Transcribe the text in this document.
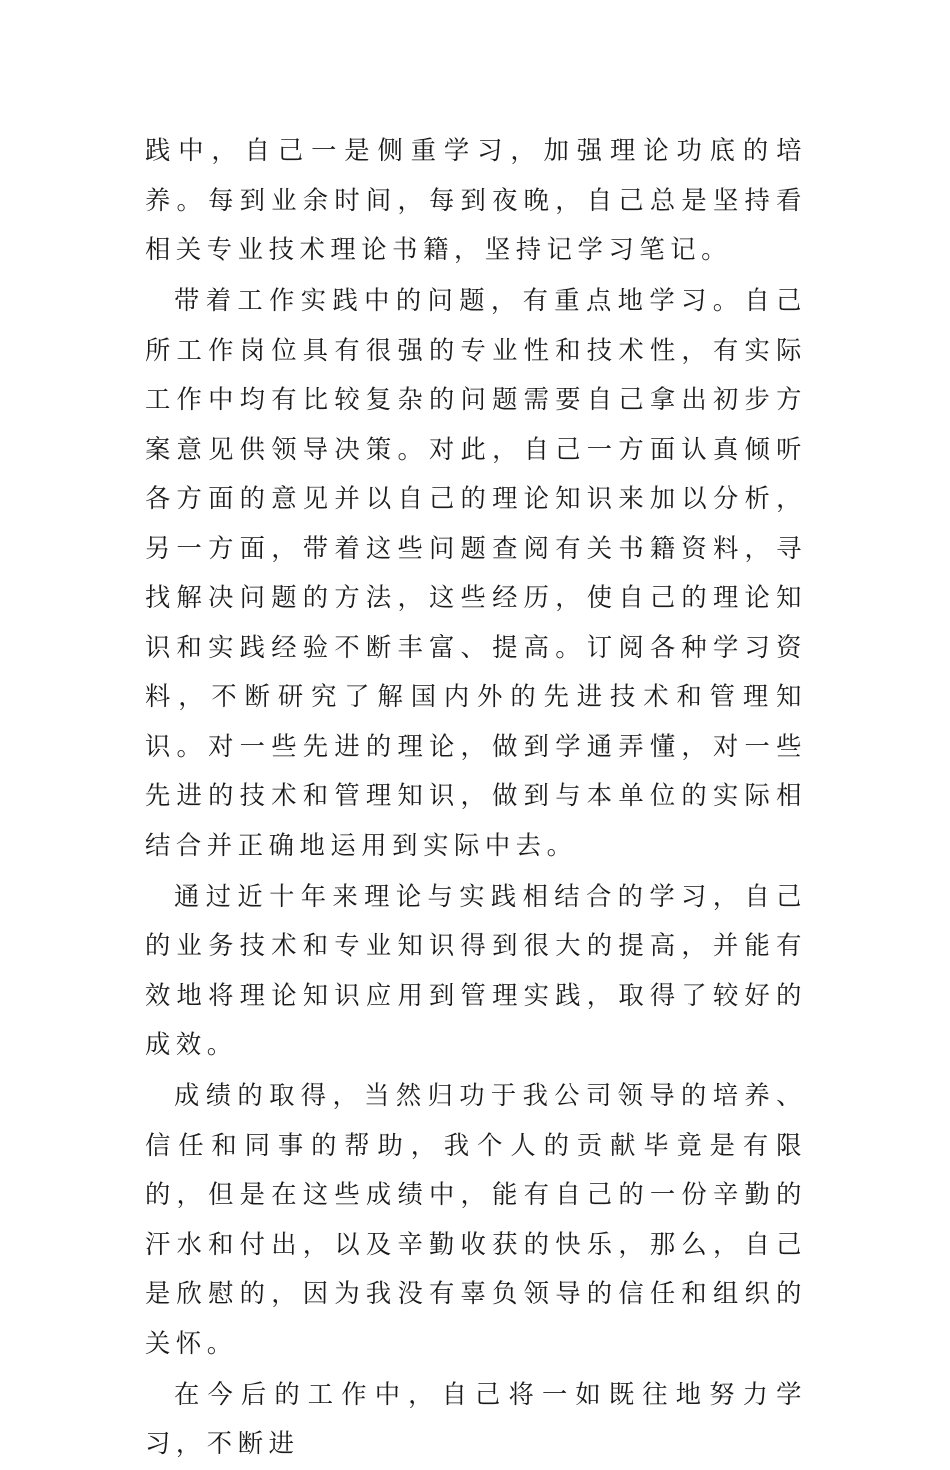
践中，自己一是侧重学习，加强理论功底的培养。每到业余时间，每到夜晚，自己总是坚持看相关专业技术理论书籍，坚持记学习笔记。

带着工作实践中的问题，有重点地学习。自己所工作岗位具有很强的专业性和技术性，有实际工作中均有比较复杂的问题需要自己拿出初步方案意见供领导决策。对此，自己一方面认真倾听各方面的意见并以自己的理论知识来加以分析，另一方面，带着这些问题查阅有关书籍资料，寻找解决问题的方法，这些经历，使自己的理论知识和实践经验不断丰富、提高。订阅各种学习资料，不断研究了解国内外的先进技术和管理知识。对一些先进的理论，做到学通弄懂，对一些先进的技术和管理知识，做到与本单位的实际相结合并正确地运用到实际中去。

通过近十年来理论与实践相结合的学习，自己的业务技术和专业知识得到很大的提高，并能有效地将理论知识应用到管理实践，取得了较好的成效。

成绩的取得，当然归功于我公司领导的培养、信任和同事的帮助，我个人的贡献毕竟是有限的，但是在这些成绩中，能有自己的一份辛勤的汗水和付出，以及辛勤收获的快乐，那么，自己是欣慰的，因为我没有辜负领导的信任和组织的关怀。

在今后的工作中，自己将一如既往地努力学习，不断进
